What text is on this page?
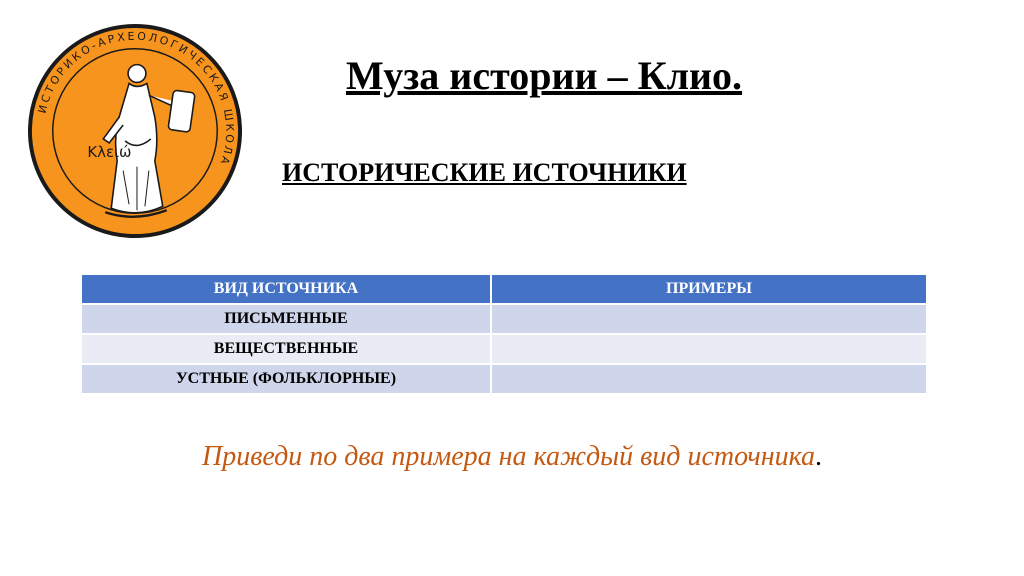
ИСТОРИКО-АРХЕОЛОГИЧЕСКАЯ ШКОЛА
Κλειώ
Муза истории – Клио.
ИСТОРИЧЕСКИЕ ИСТОЧНИКИ
ВИД ИСТОЧНИКА	ПРИМЕРЫ
ПИСЬМЕННЫЕ	
ВЕЩЕСТВЕННЫЕ	
УСТНЫЕ (ФОЛЬКЛОРНЫЕ)	
Приведи по два примера на каждый вид источника.
